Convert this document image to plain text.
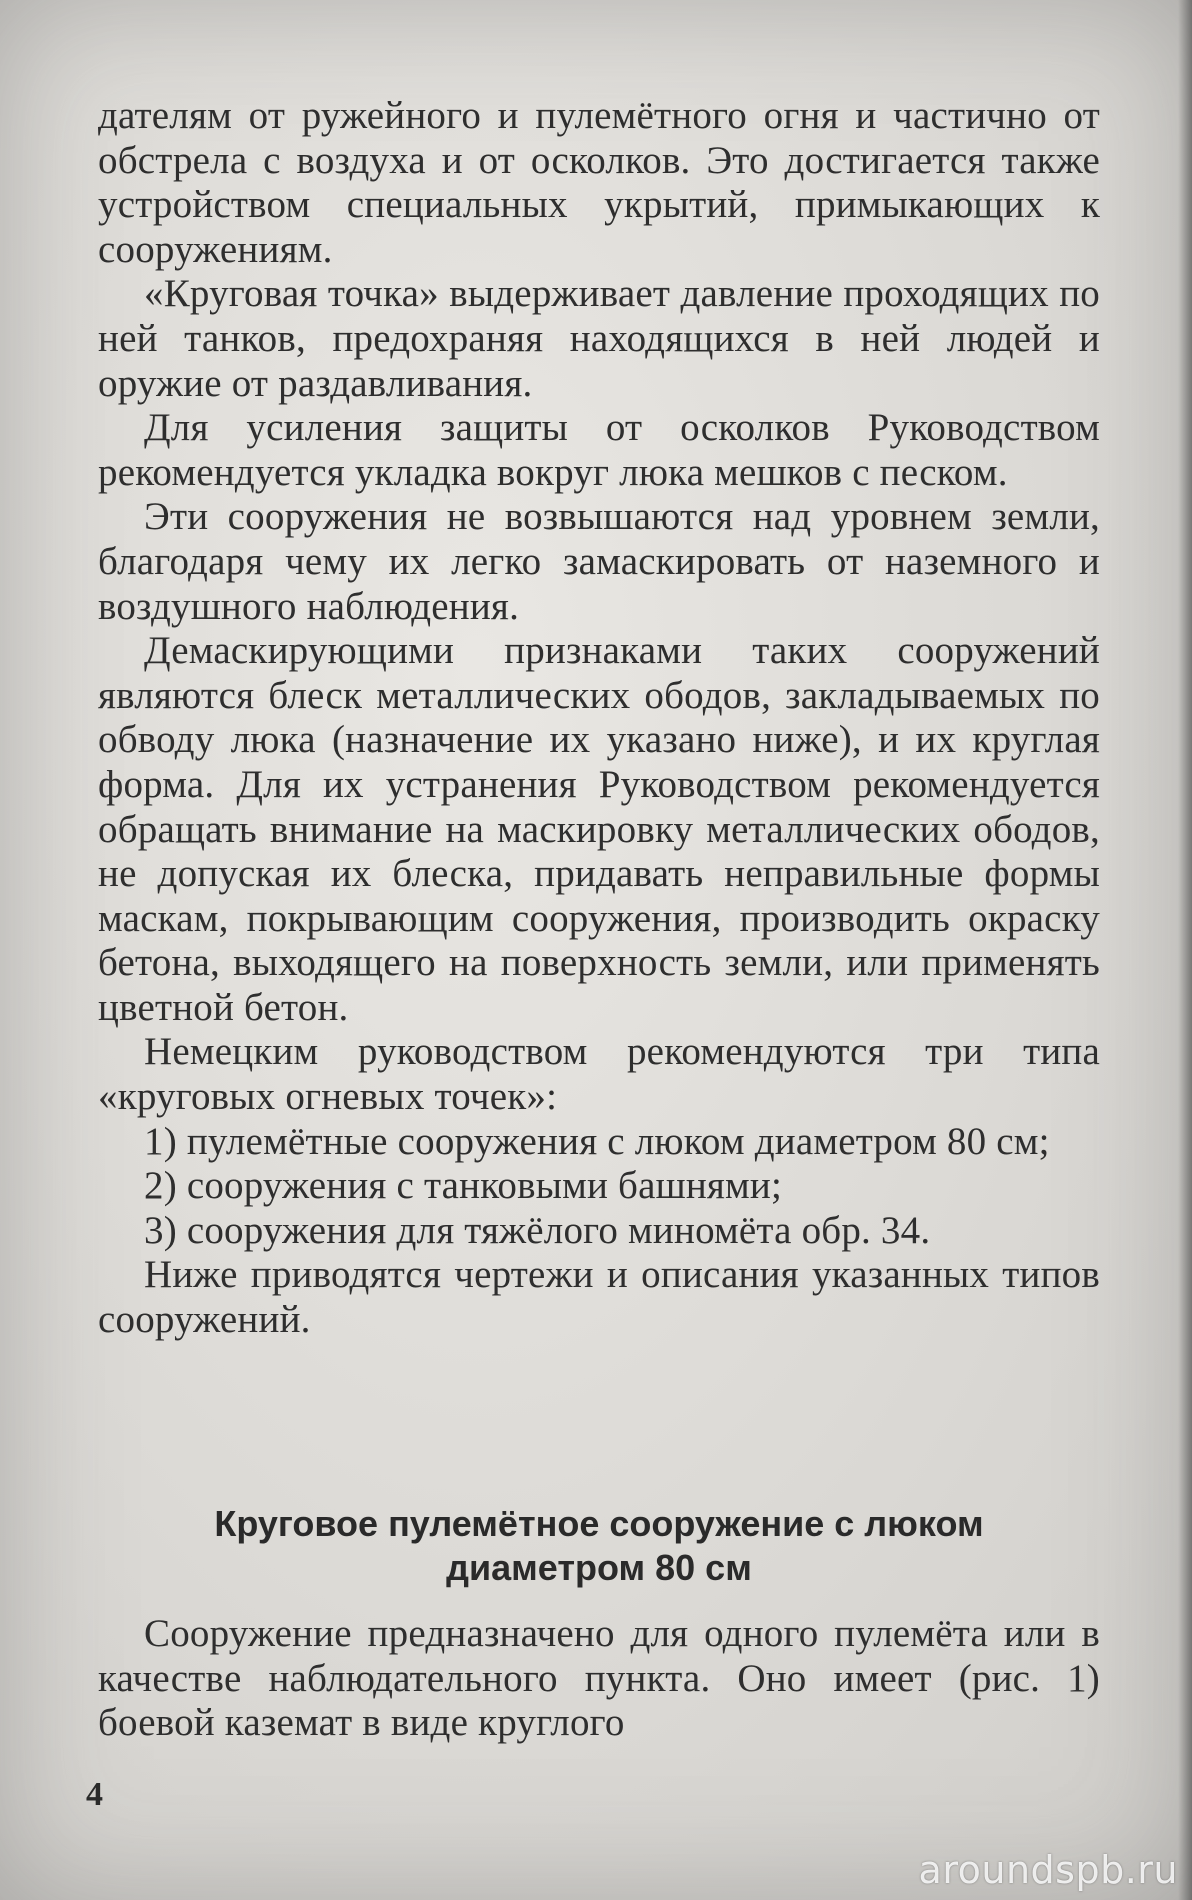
дателям от ружейного и пулемётного огня и частично от обстрела с воздуха и от осколков. Это достигается также устройством специальных укрытий, примыкающих к сооружениям.

«Круговая точка» выдерживает давление проходящих по ней танков, предохраняя находящихся в ней людей и оружие от раздавливания.

Для усиления защиты от осколков Руководством рекомендуется укладка вокруг люка мешков с песком.

Эти сооружения не возвышаются над уровнем земли, благодаря чему их легко замаскировать от наземного и воздушного наблюдения.

Демаскирующими признаками таких сооружений являются блеск металлических ободов, закладываемых по обводу люка (назначение их указано ниже), и их круглая форма. Для их устранения Руководством рекомендуется обращать внимание на маскировку металлических ободов, не допуская их блеска, придавать неправильные формы маскам, покрывающим сооружения, производить окраску бетона, выходящего на поверхность земли, или применять цветной бетон.

Немецким руководством рекомендуются три типа «круговых огневых точек»:

1) пулемётные сооружения с люком диаметром 80 см;

2) сооружения с танковыми башнями;

3) сооружения для тяжёлого миномёта обр. 34.

Ниже приводятся чертежи и описания указанных типов сооружений.

Круговое пулемётное сооружение с люком
диаметром 80 см

Сооружение предназначено для одного пулемёта или в качестве наблюдательного пункта. Оно имеет (рис. 1) боевой каземат в виде круглого

4
aroundspb.ru
